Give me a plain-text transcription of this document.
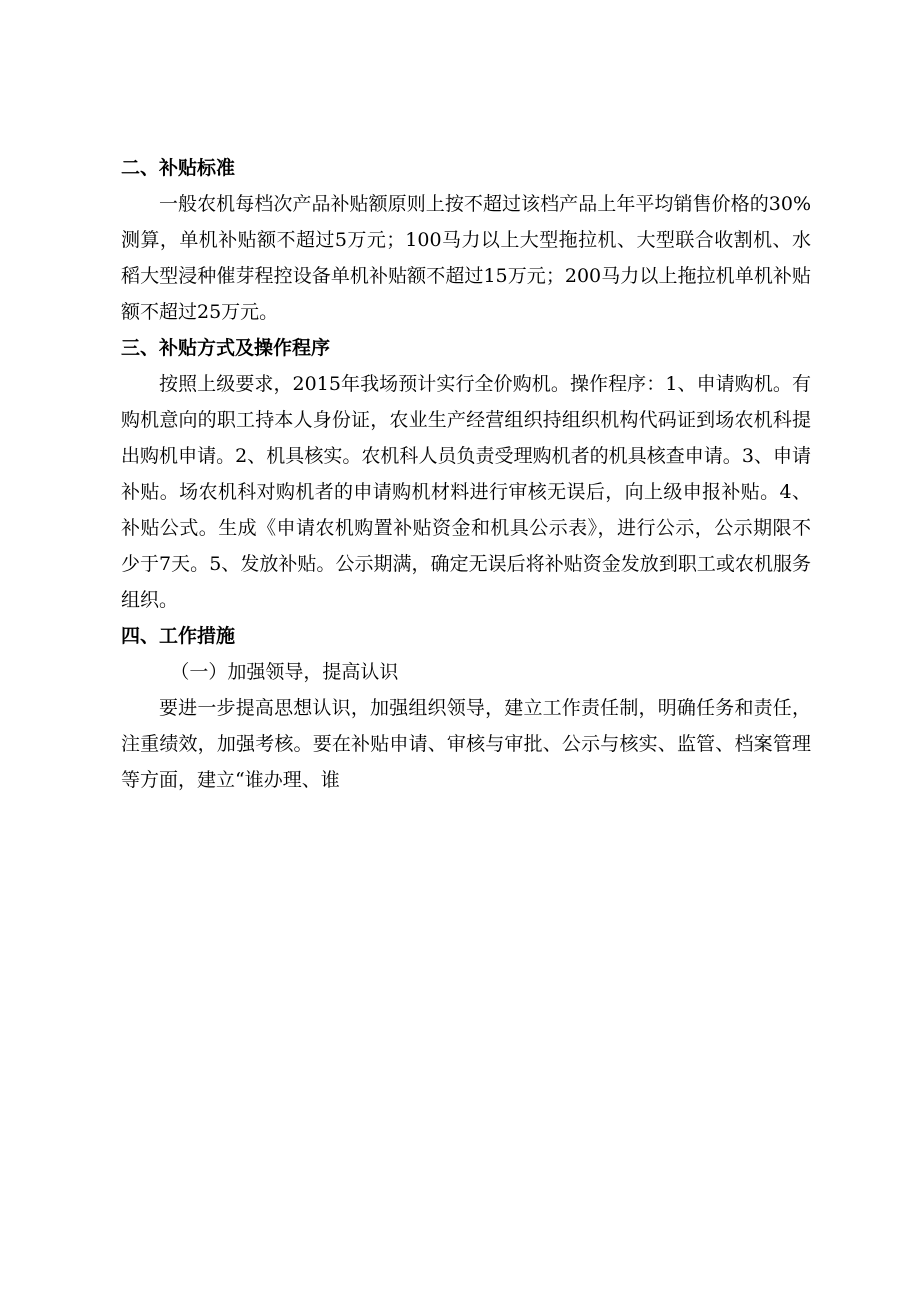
二、补贴标准

一般农机每档次产品补贴额原则上按不超过该档产品上年平均销售价格的30%测算，单机补贴额不超过5万元；100马力以上大型拖拉机、大型联合收割机、水稻大型浸种催芽程控设备单机补贴额不超过15万元；200马力以上拖拉机单机补贴额不超过25万元。

三、补贴方式及操作程序

按照上级要求，2015年我场预计实行全价购机。操作程序：1、申请购机。有购机意向的职工持本人身份证，农业生产经营组织持组织机构代码证到场农机科提出购机申请。2、机具核实。农机科人员负责受理购机者的机具核查申请。3、申请补贴。场农机科对购机者的申请购机材料进行审核无误后，向上级申报补贴。4、补贴公式。生成《申请农机购置补贴资金和机具公示表》，进行公示，公示期限不少于7天。5、发放补贴。公示期满，确定无误后将补贴资金发放到职工或农机服务组织。

四、工作措施

（一）加强领导，提高认识

要进一步提高思想认识，加强组织领导，建立工作责任制，明确任务和责任，注重绩效，加强考核。要在补贴申请、审核与审批、公示与核实、监管、档案管理等方面，建立“谁办理、谁
